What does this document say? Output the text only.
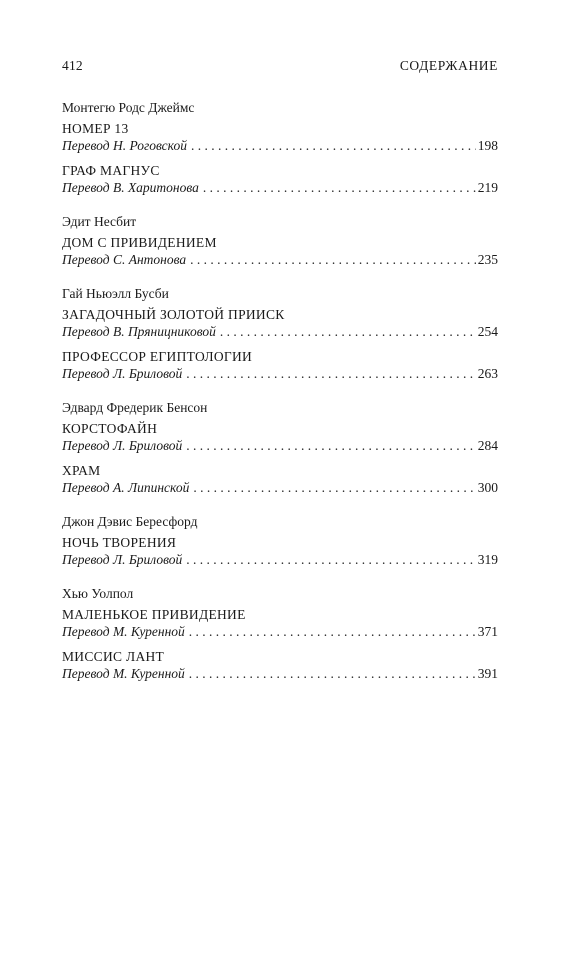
412	СОДЕРЖАНИЕ
Монтегю Родс Джеймс
НОМЕР 13
Перевод Н. Роговской . . .	198
ГРАФ МАГНУС
Перевод В. Харитонова . . .	219
Эдит Несбит
ДОМ С ПРИВИДЕНИЕМ
Перевод С. Антонова . . .	235
Гай Ньюэлл Бусби
ЗАГАДОЧНЫЙ ЗОЛОТОЙ ПРИИСК
Перевод В. Пряницниковой . . .	254
ПРОФЕССОР ЕГИПТОЛОГИИ
Перевод Л. Бриловой . . .	263
Эдвард Фредерик Бенсон
КОРСТОФАЙН
Перевод Л. Бриловой . . .	284
ХРАМ
Перевод А. Липинской . . .	300
Джон Дэвис Бересфорд
НОЧЬ ТВОРЕНИЯ
Перевод Л. Бриловой . . .	319
Хью Уолпол
МАЛЕНЬКОЕ ПРИВИДЕНИЕ
Перевод М. Куренной . . .	371
МИССИС ЛАНТ
Перевод М. Куренной . . .	391
